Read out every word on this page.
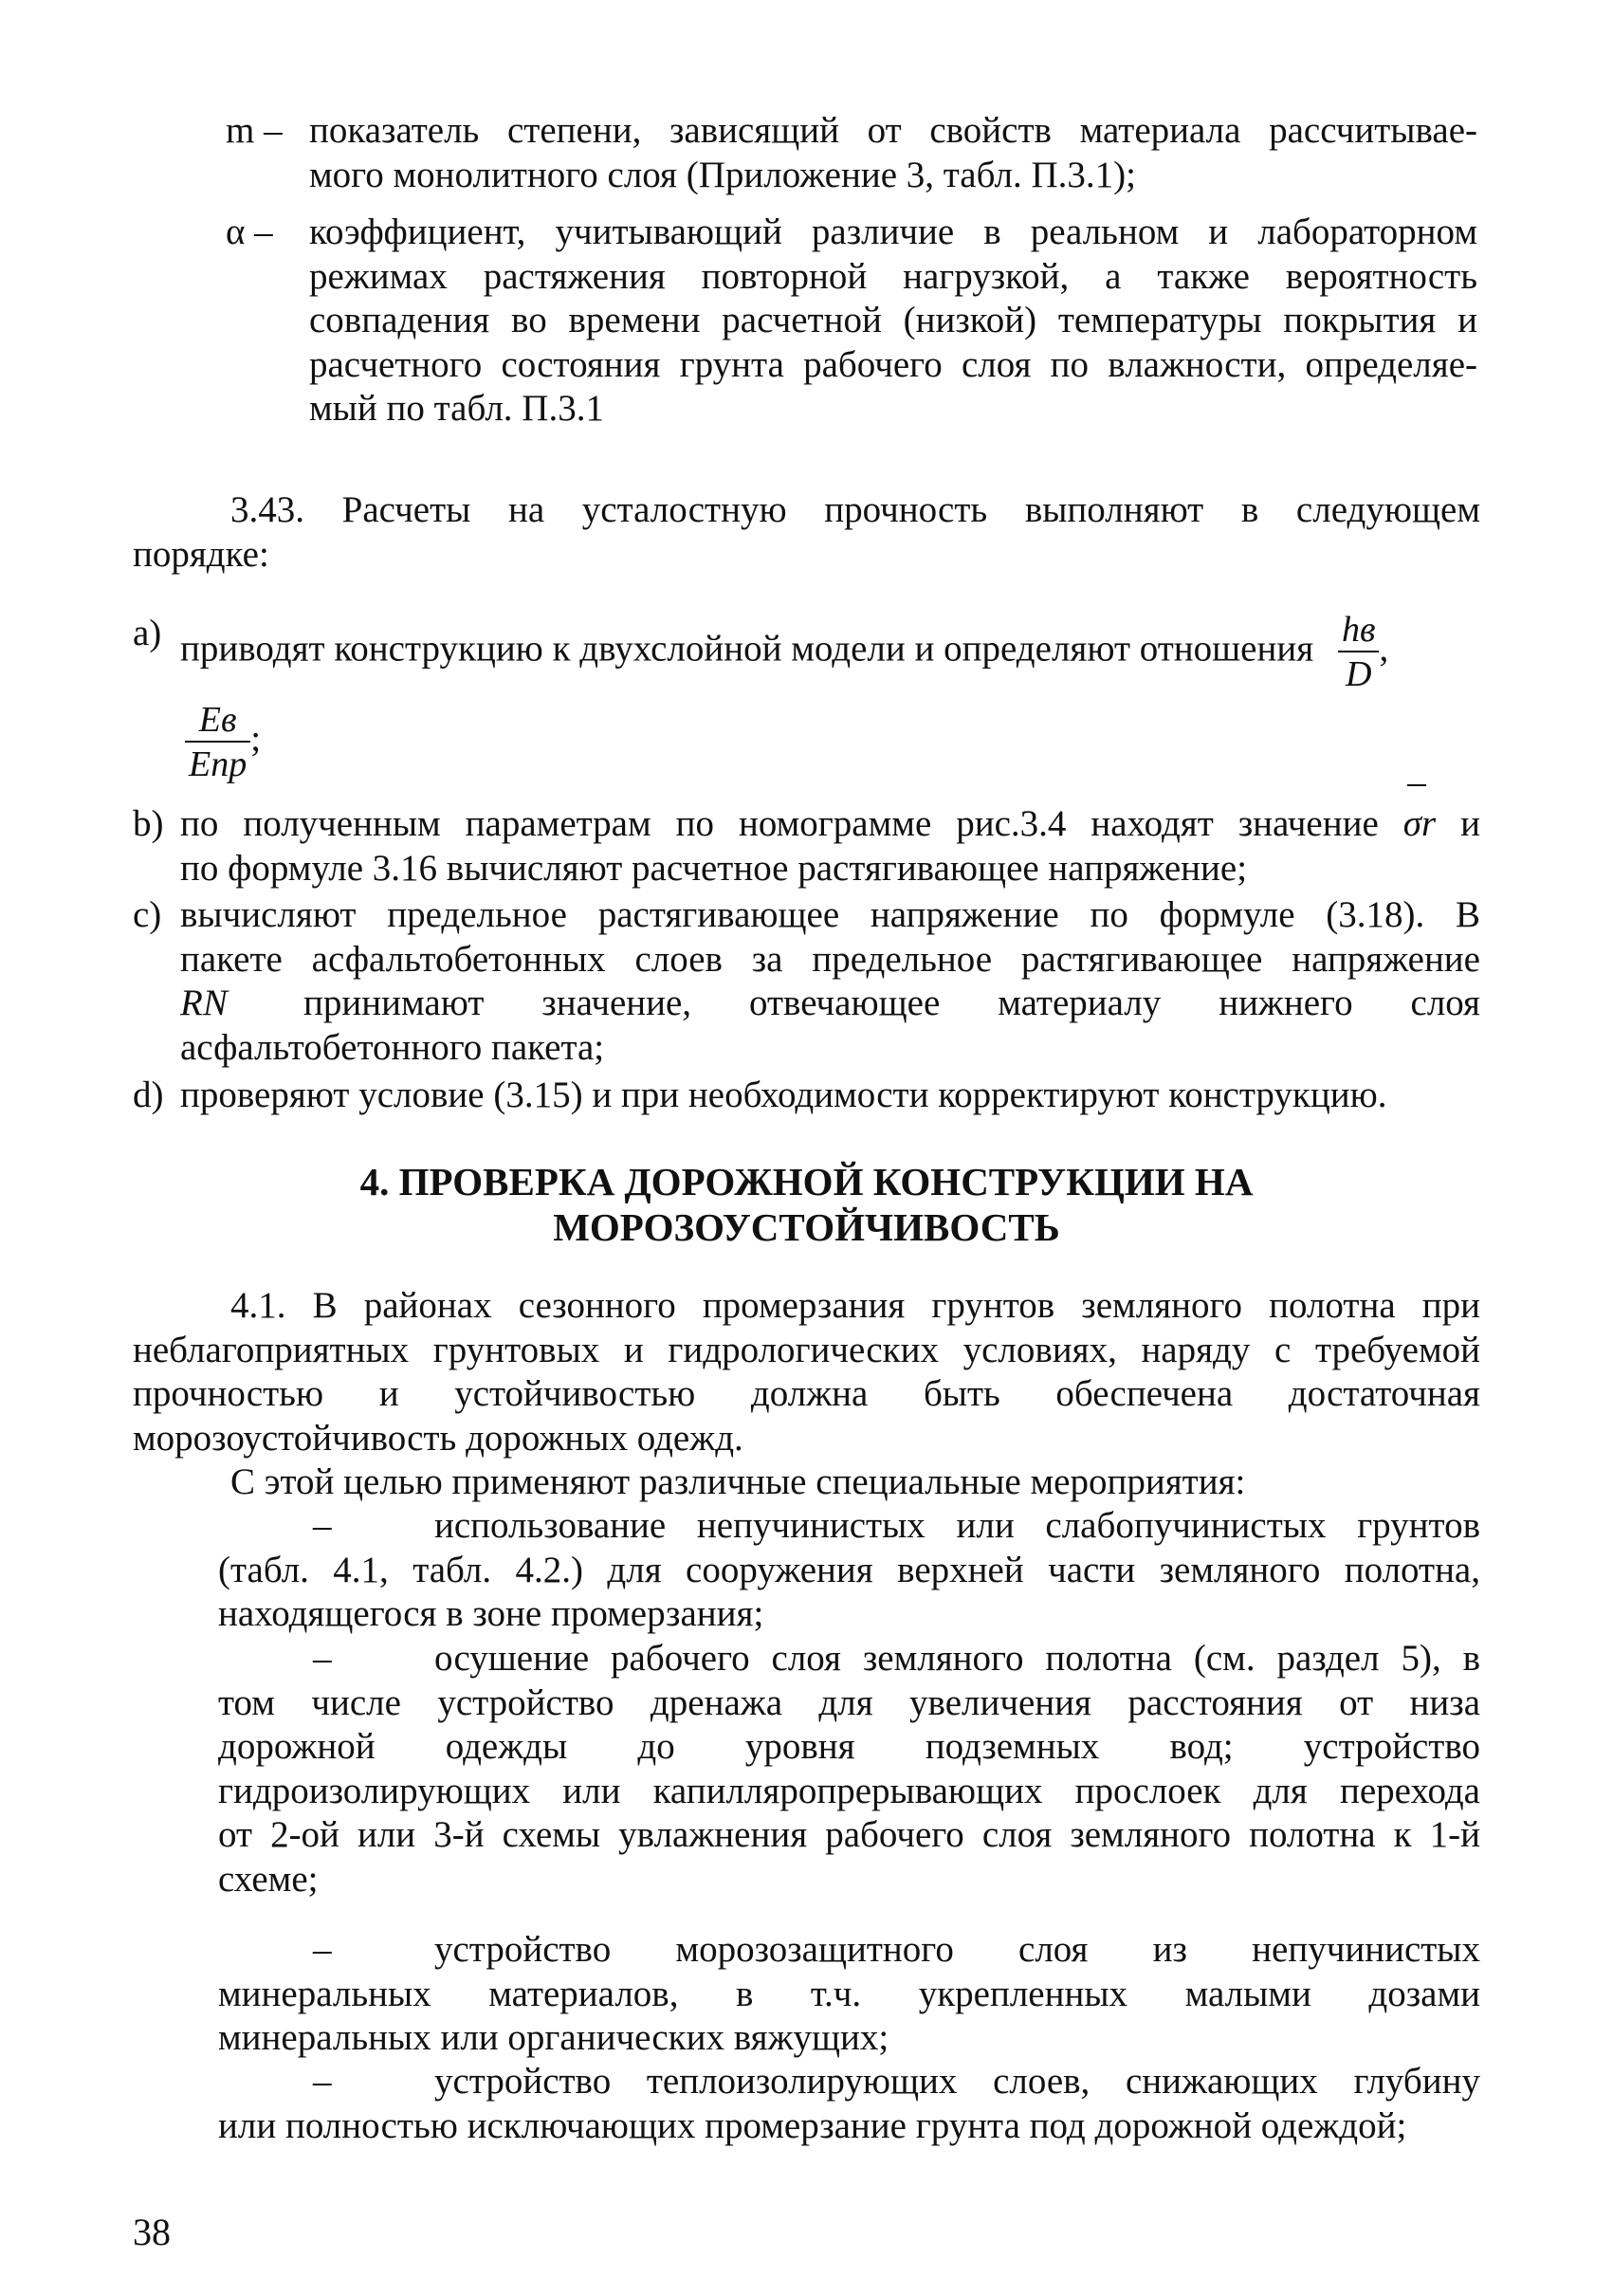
m – показатель степени, зависящий от свойств материала рассчитывае-
мого монолитного слоя (Приложение 3, табл. П.3.1);
α – коэффициент, учитывающий различие в реальном и лабораторном
режимах растяжения повторной нагрузкой, а также вероятность
совпадения во времени расчетной (низкой) температуры покрытия и
расчетного состояния грунта рабочего слоя по влажности, определяе-
мый по табл. П.3.1
3.43. Расчеты на усталостную прочность выполняют в следующем
порядке:
a) приводят конструкцию к двухслойной модели и определяют отношения $\frac{hв}{D}$ ,
$\frac{Eв}{\text{Eпр}}$ ;
b) по полученным параметрам по номограмме рис.3.4 находят значение σr и
по формуле 3.16 вычисляют расчетное растягивающее напряжение;
c) вычисляют предельное растягивающее напряжение по формуле (3.18). В
пакете асфальтобетонных слоев за предельное растягивающее напряжение
RN	принимают значение, отвечающее материалу нижнего слоя
асфальтобетонного пакета;
d) проверяют условие (3.15) и при необходимости корректируют конструкцию.
4. ПРОВЕРКА ДОРОЖНОЙ КОНСТРУКЦИИ НА
МОРОЗОУСТОЙЧИВОСТЬ
4.1. В районах сезонного промерзания грунтов земляного полотна при
неблагоприятных грунтовых и гидрологических условиях, наряду с требуемой
прочностью и устойчивостью должна быть обеспечена достаточная
морозоустойчивость дорожных одежд.
С этой целью применяют различные специальные мероприятия:
–	использование непучинистых или слабопучинистых грунтов
(табл. 4.1, табл. 4.2.) для сооружения верхней части земляного полотна,
находящегося в зоне промерзания;
–	осушение рабочего слоя земляного полотна (см. раздел 5), в
том числе устройство дренажа для увеличения расстояния от низа
дорожной одежды до уровня подземных вод; устройство
гидроизолирующих или капилляропрерывающих прослоек для перехода
от 2-ой или 3-й схемы увлажнения рабочего слоя земляного полотна к 1-й
схеме;
–	устройство морозозащитного слоя из непучинистых
минеральных материалов, в т.ч. укрепленных малыми дозами
минеральных или органических вяжущих;
–	устройство теплоизолирующих слоев, снижающих глубину
или полностью исключающих промерзание грунта под дорожной одеждой;
38
